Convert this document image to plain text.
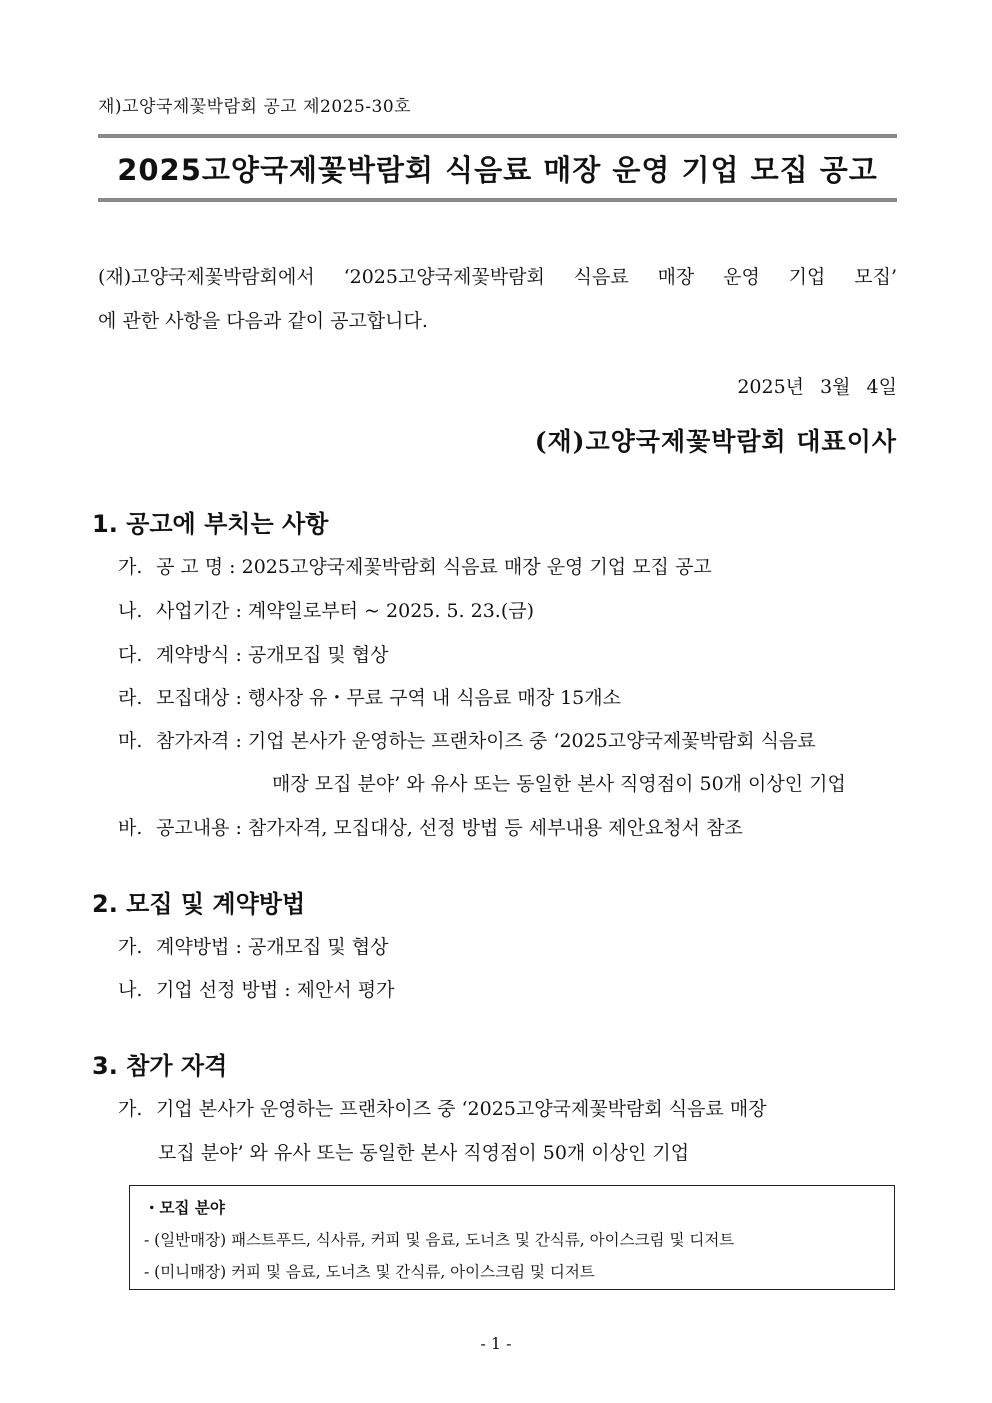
재)고양국제꽃박람회 공고 제2025-30호
2025고양국제꽃박람회 식음료 매장 운영 기업 모집 공고
(재)고양국제꽃박람회에서 ‘2025고양국제꽃박람회 식음료 매장 운영 기업 모집’
에 관한 사항을 다음과 같이 공고합니다.
2025년 3월 4일
(재)고양국제꽃박람회 대표이사
1. 공고에 부치는 사항
가. 공 고 명 : 2025고양국제꽃박람회 식음료 매장 운영 기업 모집 공고
나. 사업기간 : 계약일로부터 ~ 2025. 5. 23.(금)
다. 계약방식 : 공개모집 및 협상
라. 모집대상 : 행사장 유・무료 구역 내 식음료 매장 15개소
마. 참가자격 : 기업 본사가 운영하는 프랜차이즈 중 ‘2025고양국제꽃박람회 식음료
매장 모집 분야’ 와 유사 또는 동일한 본사 직영점이 50개 이상인 기업
바. 공고내용 : 참가자격, 모집대상, 선정 방법 등 세부내용 제안요청서 참조
2. 모집 및 계약방법
가. 계약방법 : 공개모집 및 협상
나. 기업 선정 방법 : 제안서 평가
3. 참가 자격
가. 기업 본사가 운영하는 프랜차이즈 중 ‘2025고양국제꽃박람회 식음료 매장
모집 분야’ 와 유사 또는 동일한 본사 직영점이 50개 이상인 기업
・모집 분야
- (일반매장) 패스트푸드, 식사류, 커피 및 음료, 도너츠 및 간식류, 아이스크림 및 디저트
- (미니매장) 커피 및 음료, 도너츠 및 간식류, 아이스크림 및 디저트
- 1 -
